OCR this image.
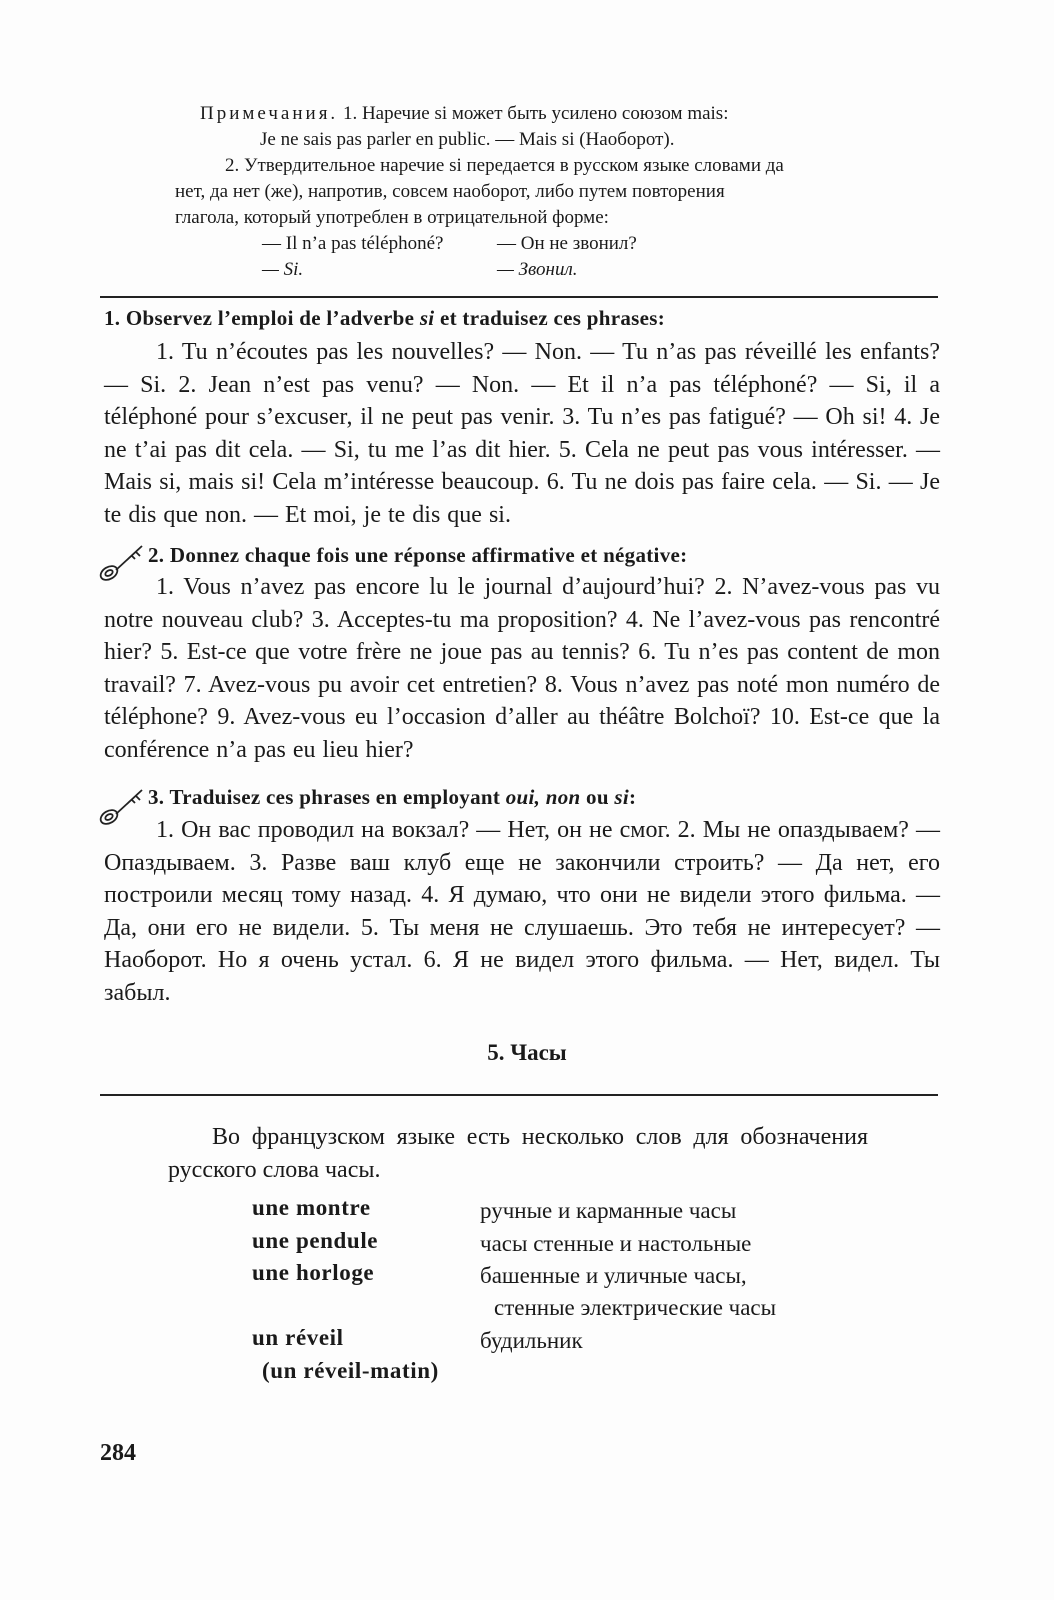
Примечания. 1. Наречие si может быть усилено союзом mais:

Je ne sais pas parler en public. — Mais si (Наоборот).

2. Утвердительное наречие si передается в русском языке словами да

нет, да нет (же), напротив, совсем наоборот, либо путем повторения

глагола, который употреблен в отрицательной форме:

— Il n’a pas téléphoné?	— Он не звонил?
— Si.	— Звонил.
1. Observez l’emploi de l’adverbe si et traduisez ces phrases:
1. Tu n’écoutes pas les nouvelles? — Non. — Tu n’as pas réveillé les enfants? — Si. 2. Jean n’est pas venu? — Non. — Et il n’a pas téléphoné? — Si, il a téléphoné pour s’excuser, il ne peut pas venir. 3. Tu n’es pas fatigué? — Oh si! 4. Je ne t’ai pas dit cela. — Si, tu me l’as dit hier. 5. Cela ne peut pas vous intéresser. — Mais si, mais si! Cela m’intéresse beaucoup. 6. Tu ne dois pas faire cela. — Si. — Je te dis que non. — Et moi, je te dis que si.
2. Donnez chaque fois une réponse affirmative et négative:
1. Vous n’avez pas encore lu le journal d’aujourd’hui? 2. N’avez-vous pas vu notre nouveau club? 3. Acceptes-tu ma proposition? 4. Ne l’avez-vous pas rencontré hier? 5. Est-ce que votre frère ne joue pas au tennis? 6. Tu n’es pas content de mon travail? 7. Avez-vous pu avoir cet entretien? 8. Vous n’avez pas noté mon numéro de téléphone? 9. Avez-vous eu l’occasion d’aller au théâtre Bolchoï? 10. Est-ce que la conférence n’a pas eu lieu hier?
3. Traduisez ces phrases en employant oui, non ou si:
1. Он вас проводил на вокзал? — Нет, он не смог. 2. Мы не опаздываем? — Опаздываем. 3. Разве ваш клуб еще не закончили строить? — Да нет, его построили месяц тому назад. 4. Я думаю, что они не видели этого фильма. — Да, они его не видели. 5. Ты меня не слушаешь. Это тебя не интересует? — Наоборот. Но я очень устал. 6. Я не видел этого фильма. — Нет, видел. Ты забыл.
5. Часы
Во французском языке есть несколько слов для обозначения русского слова часы.
une montre	ручные и карманные часы
une pendule	часы стенные и настольные
une horloge	башенные и уличные часы,
стенные электрические часы
un réveil	будильник
(un réveil-matin)
284
